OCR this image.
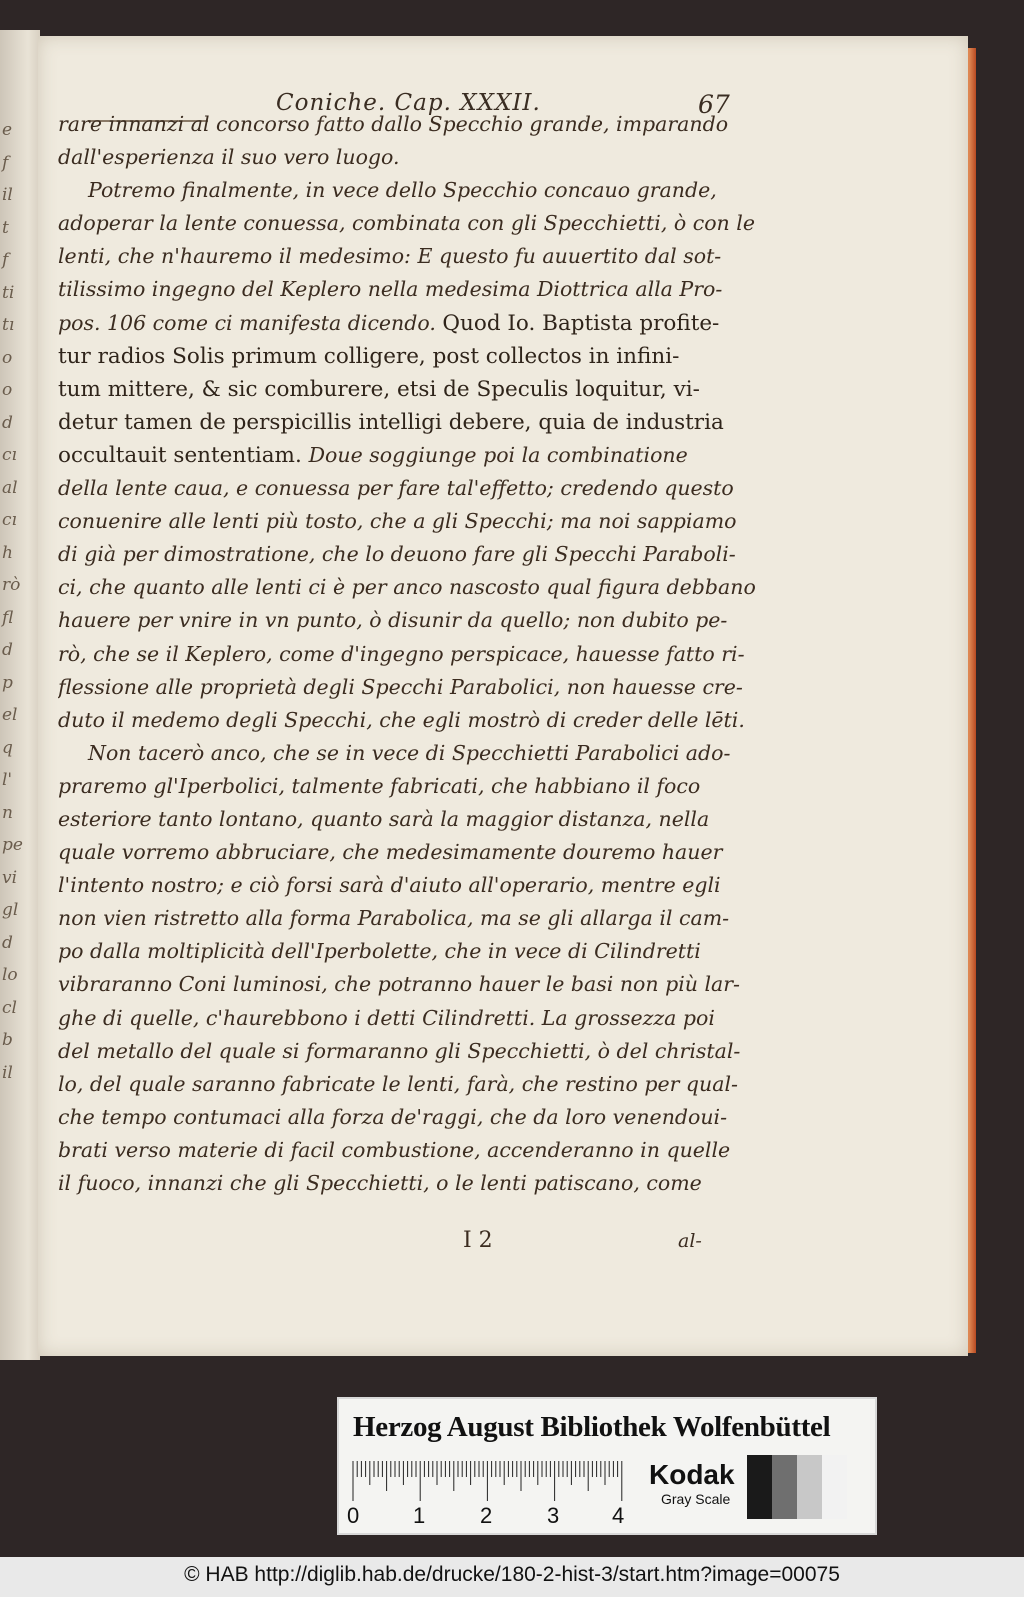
e
f
il
t
f
ti
tı
o
o
d
cı
al
cı
h
rò
fl
d
p
el
q
l'
n
pe
vi
gl
d
lo
cl
b
il
Coniche. Cap. XXXII.	67
rare innanzi al concorso fatto dallo Specchio grande, imparando
dall'esperienza il suo vero luogo.
Potremo finalmente, in vece dello Specchio concauo grande,
adoperar la lente conuessa, combinata con gli Specchietti, ò con le
lenti, che n'hauremo il medesimo: E questo fu auuertito dal sot-
tilissimo ingegno del Keplero nella medesima Diottrica alla Pro-
pos. 106 come ci manifesta dicendo. Quod Io. Baptista profite-
tur radios Solis primum colligere, post collectos in infini-
tum mittere, & sic comburere, etsi de Speculis loquitur, vi-
detur tamen de perspicillis intelligi debere, quia de industria
occultauit sententiam. Doue soggiunge poi la combinatione
della lente caua, e conuessa per fare tal'effetto; credendo questo
conuenire alle lenti più tosto, che a gli Specchi; ma noi sappiamo
di già per dimostratione, che lo deuono fare gli Specchi Paraboli-
ci, che quanto alle lenti ci è per anco nascosto qual figura debbano
hauere per vnire in vn punto, ò disunir da quello; non dubito pe-
rò, che se il Keplero, come d'ingegno perspicace, hauesse fatto ri-
flessione alle proprietà degli Specchi Parabolici, non hauesse cre-
duto il medemo degli Specchi, che egli mostrò di creder delle lēti.
Non tacerò anco, che se in vece di Specchietti Parabolici ado-
praremo gl'Iperbolici, talmente fabricati, che habbiano il foco
esteriore tanto lontano, quanto sarà la maggior distanza, nella
quale vorremo abbruciare, che medesimamente douremo hauer
l'intento nostro; e ciò forsi sarà d'aiuto all'operario, mentre egli
non vien ristretto alla forma Parabolica, ma se gli allarga il cam-
po dalla moltiplicità dell'Iperbolette, che in vece di Cilindretti
vibraranno Coni luminosi, che potranno hauer le basi non più lar-
ghe di quelle, c'haurebbono i detti Cilindretti. La grossezza poi
del metallo del quale si formaranno gli Specchietti, ò del christal-
lo, del quale saranno fabricate le lenti, farà, che restino per qual-
che tempo contumaci alla forza de'raggi, che da loro venendoui-
brati verso materie di facil combustione, accenderanno in quelle
il fuoco, innanzi che gli Specchietti, o le lenti patiscano, come
I 2	al-
Herzog August Bibliothek Wolfenbüttel
0 1 2 3 4
Kodak
Gray Scale
© HAB http://diglib.hab.de/drucke/180-2-hist-3/start.htm?image=00075
